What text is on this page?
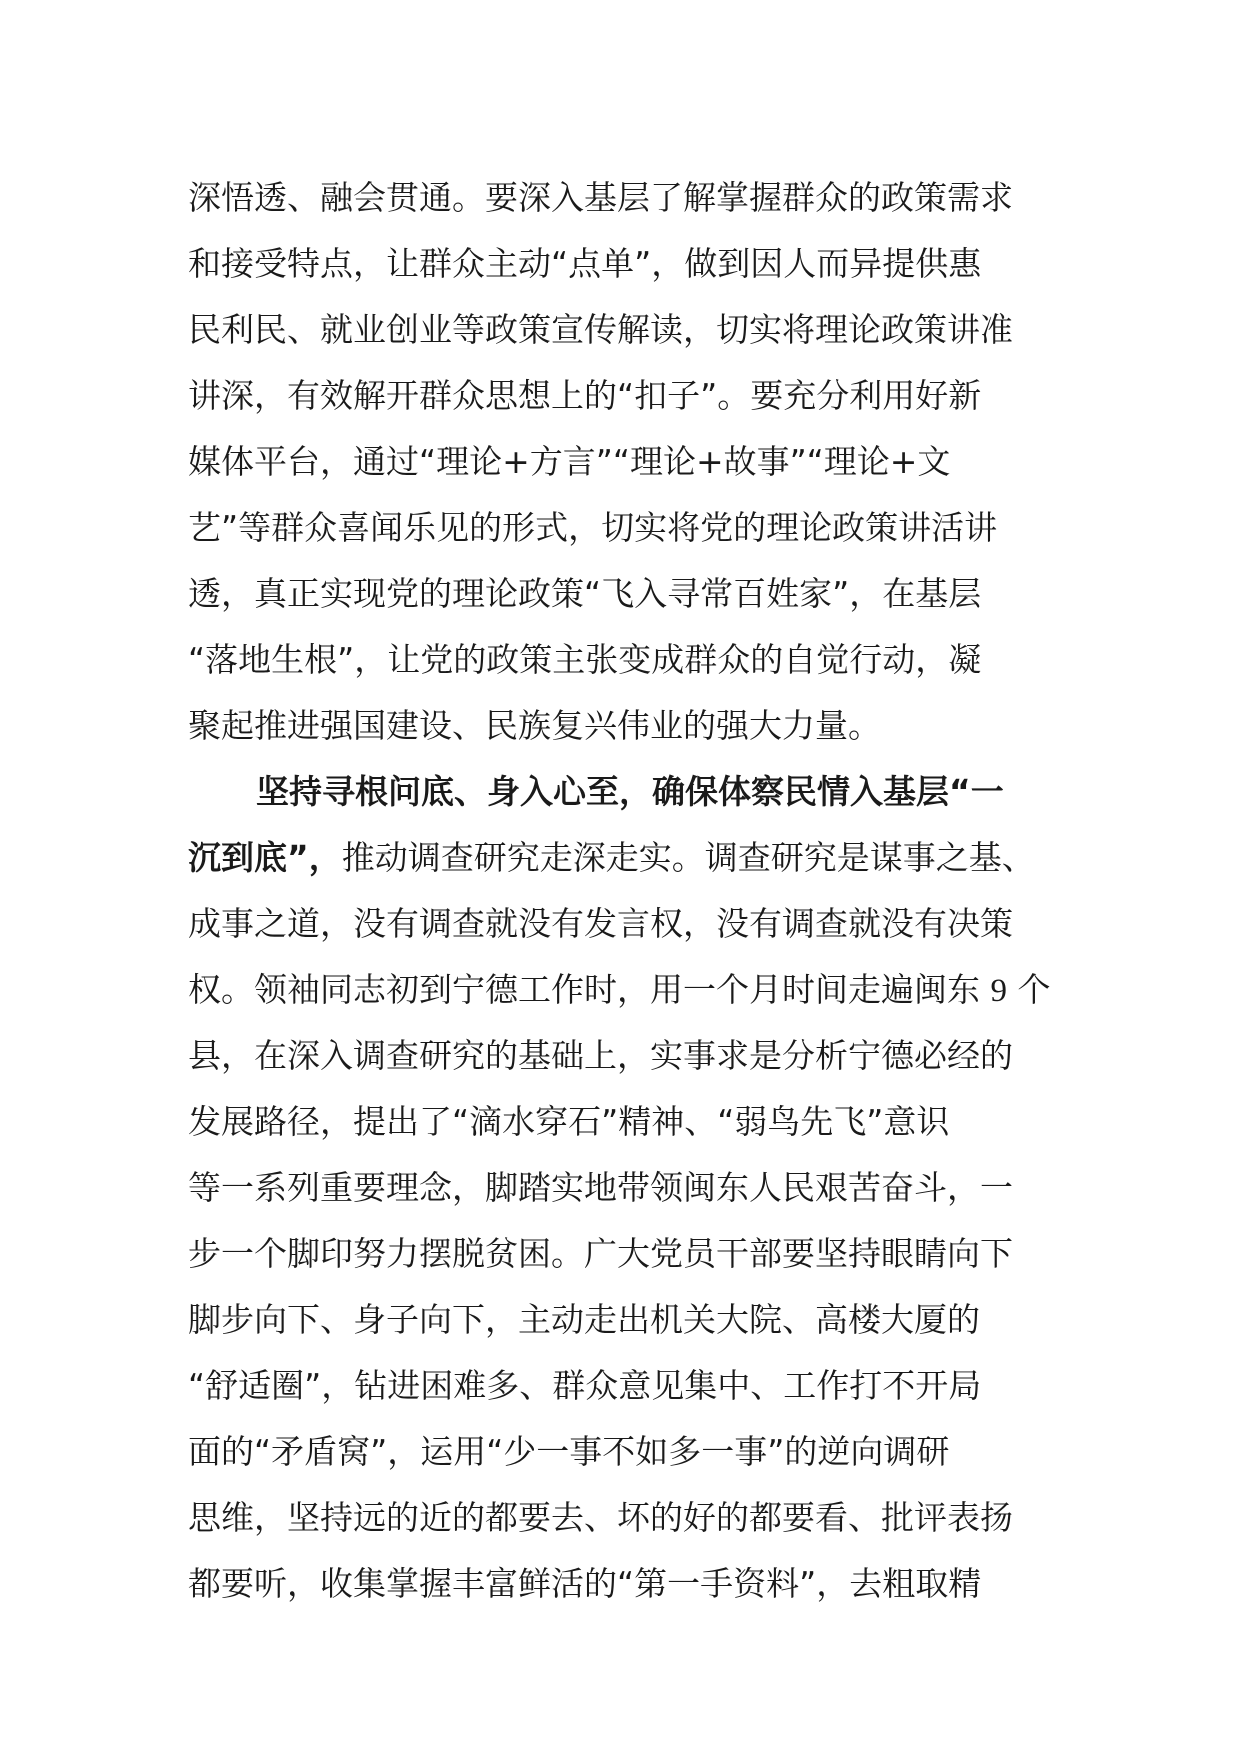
深悟透、融会贯通。要深入基层了解掌握群众的政策需求
和接受特点，让群众主动“点单”，做到因人而异提供惠
民利民、就业创业等政策宣传解读，切实将理论政策讲准
讲深，有效解开群众思想上的“扣子”。要充分利用好新
媒体平台，通过“理论+方言”“理论+故事”“理论+文
艺”等群众喜闻乐见的形式，切实将党的理论政策讲活讲
透，真正实现党的理论政策“飞入寻常百姓家”，在基层
“落地生根”，让党的政策主张变成群众的自觉行动，凝
聚起推进强国建设、民族复兴伟业的强大力量。
坚持寻根问底、身入心至，确保体察民情入基层“一
沉到底”，推动调查研究走深走实。调查研究是谋事之基、
成事之道，没有调查就没有发言权，没有调查就没有决策
权。领袖同志初到宁德工作时，用一个月时间走遍闽东 9 个
县，在深入调查研究的基础上，实事求是分析宁德必经的
发展路径，提出了“滴水穿石”精神、“弱鸟先飞”意识
等一系列重要理念，脚踏实地带领闽东人民艰苦奋斗，一
步一个脚印努力摆脱贫困。广大党员干部要坚持眼睛向下
脚步向下、身子向下，主动走出机关大院、高楼大厦的
“舒适圈”，钻进困难多、群众意见集中、工作打不开局
面的“矛盾窝”，运用“少一事不如多一事”的逆向调研
思维，坚持远的近的都要去、坏的好的都要看、批评表扬
都要听，收集掌握丰富鲜活的“第一手资料”，去粗取精
